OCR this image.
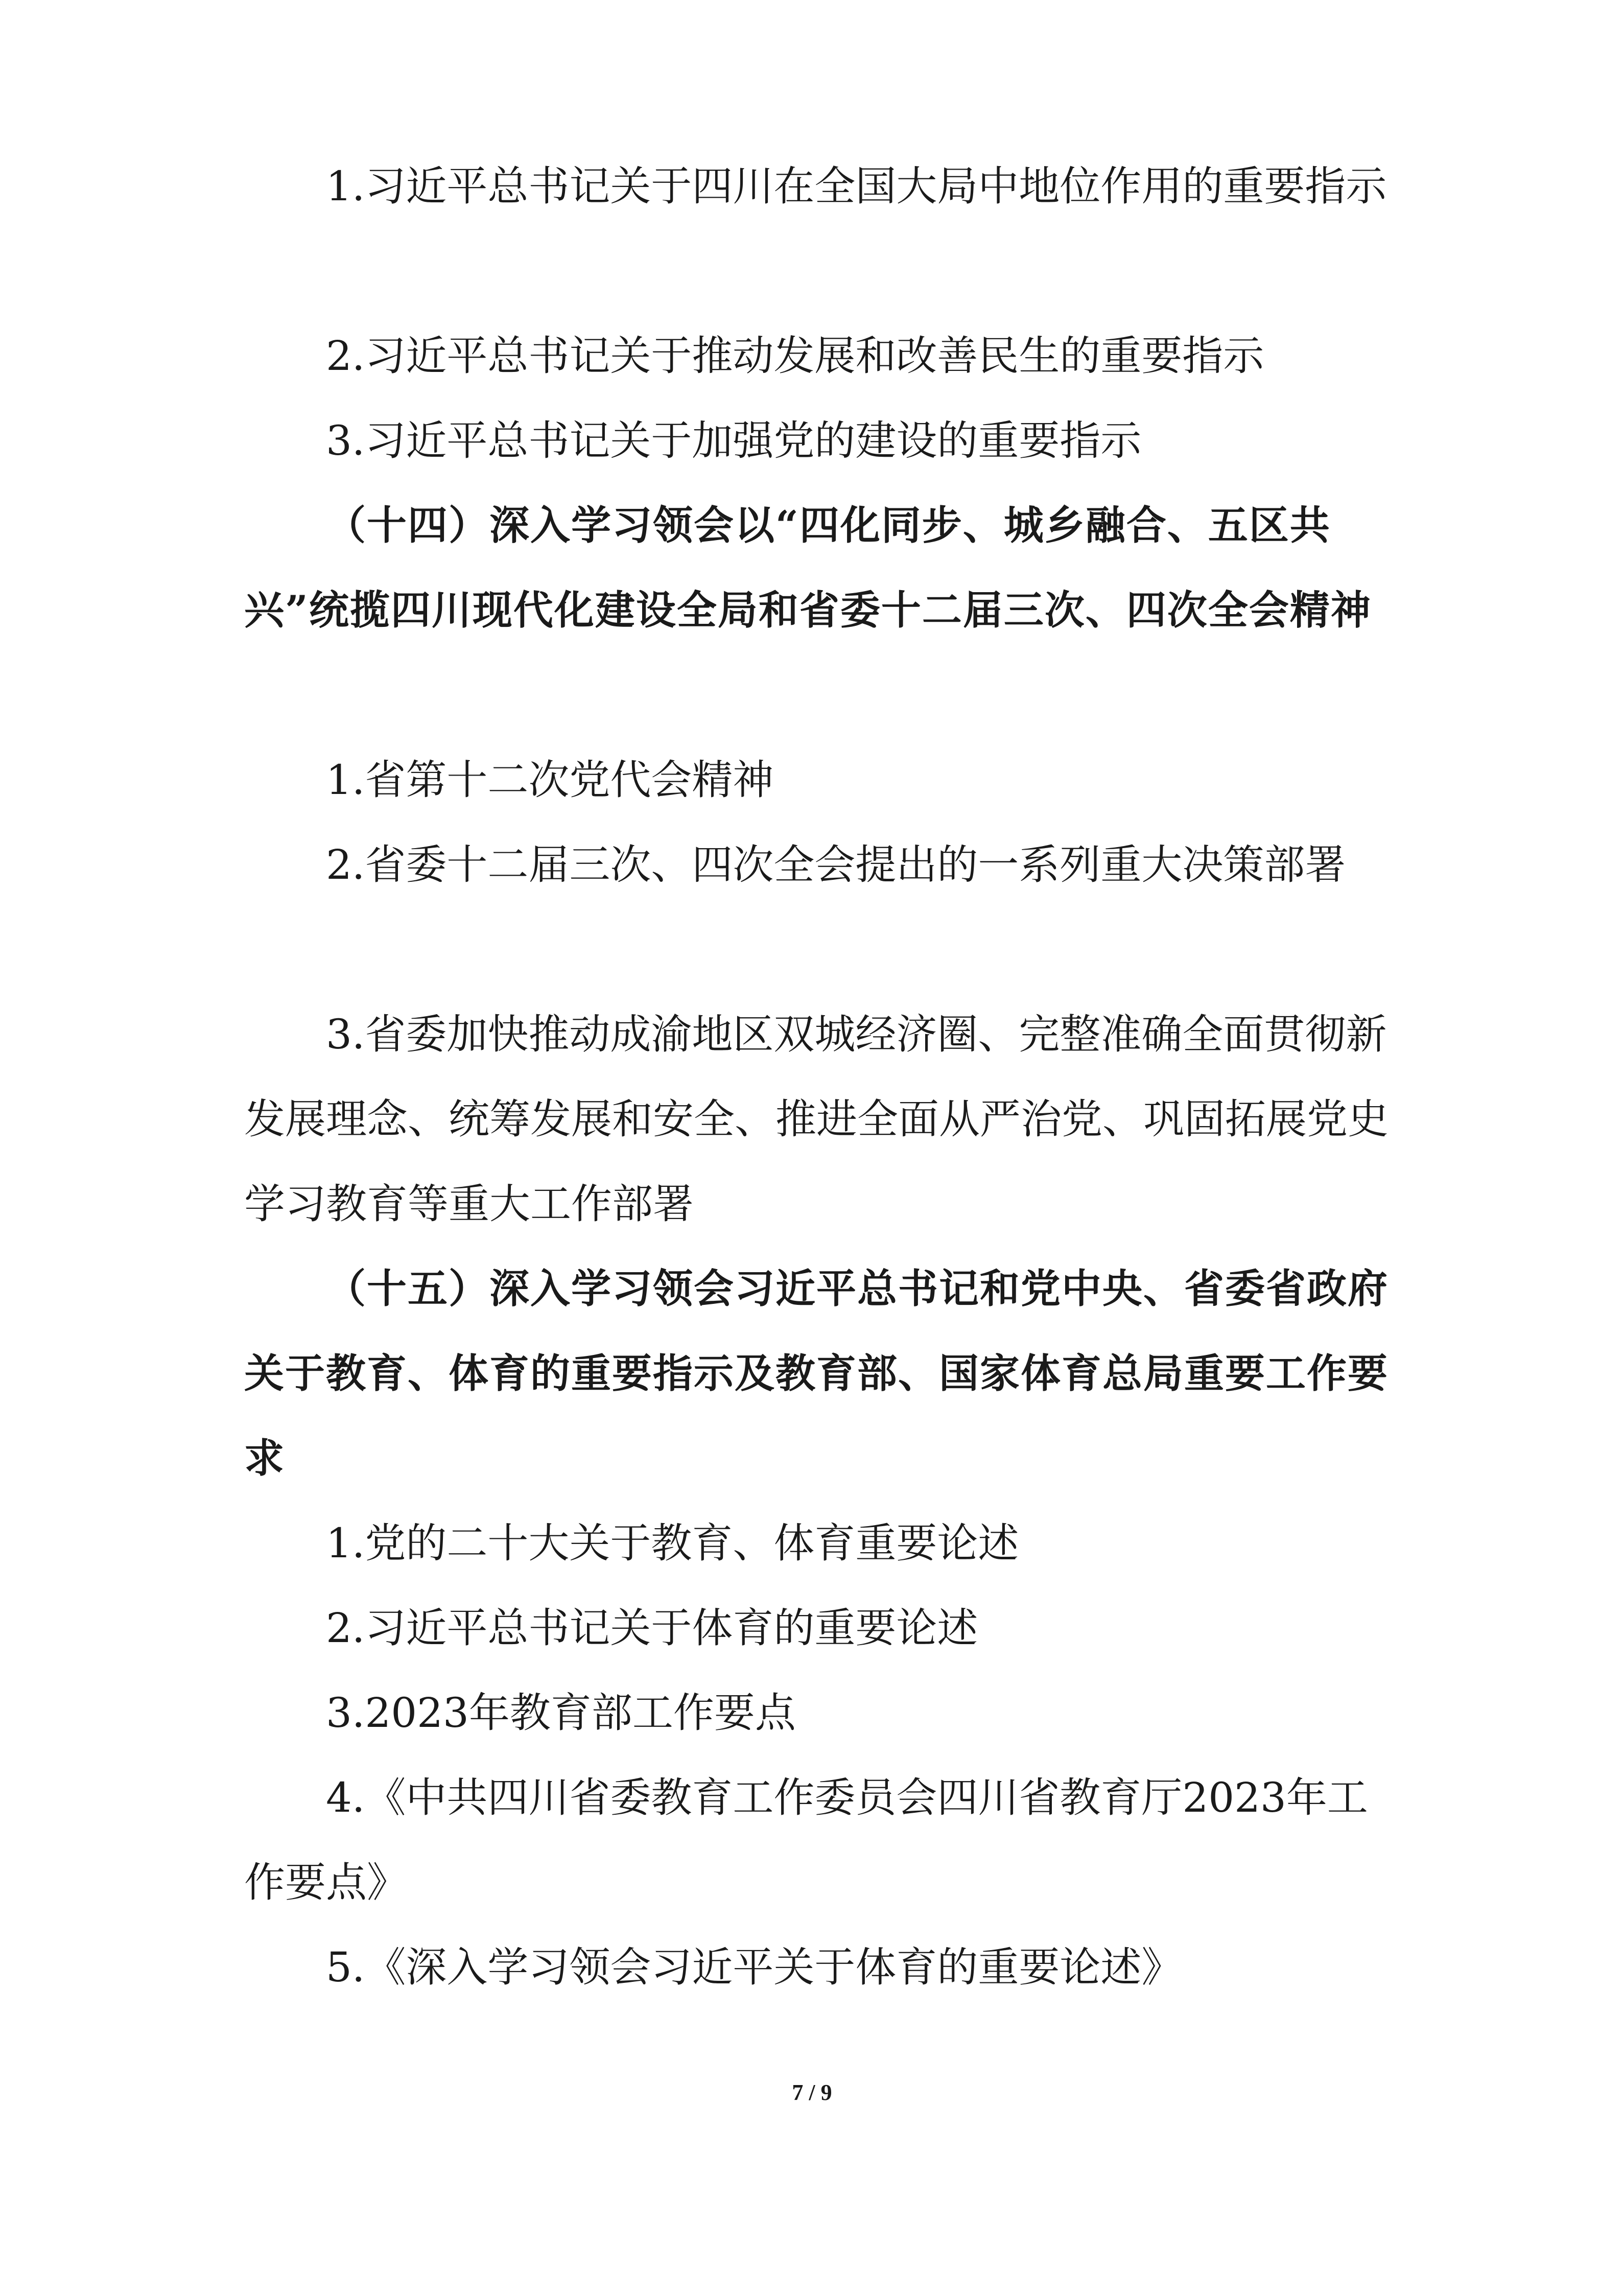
1.习近平总书记关于四川在全国大局中地位作用的重要指示

2.习近平总书记关于推动发展和改善民生的重要指示

3.习近平总书记关于加强党的建设的重要指示

（十四）深入学习领会以“四化同步、城乡融合、五区共兴”统揽四川现代化建设全局和省委十二届三次、四次全会精神

1.省第十二次党代会精神

2.省委十二届三次、四次全会提出的一系列重大决策部署

3.省委加快推动成渝地区双城经济圈、完整准确全面贯彻新发展理念、统筹发展和安全、推进全面从严治党、巩固拓展党史学习教育等重大工作部署

（十五）深入学习领会习近平总书记和党中央、省委省政府关于教育、体育的重要指示及教育部、国家体育总局重要工作要求

1.党的二十大关于教育、体育重要论述

2.习近平总书记关于体育的重要论述

3.2023年教育部工作要点

4.《中共四川省委教育工作委员会四川省教育厅2023年工作要点》

5.《深入学习领会习近平关于体育的重要论述》

7 / 9
